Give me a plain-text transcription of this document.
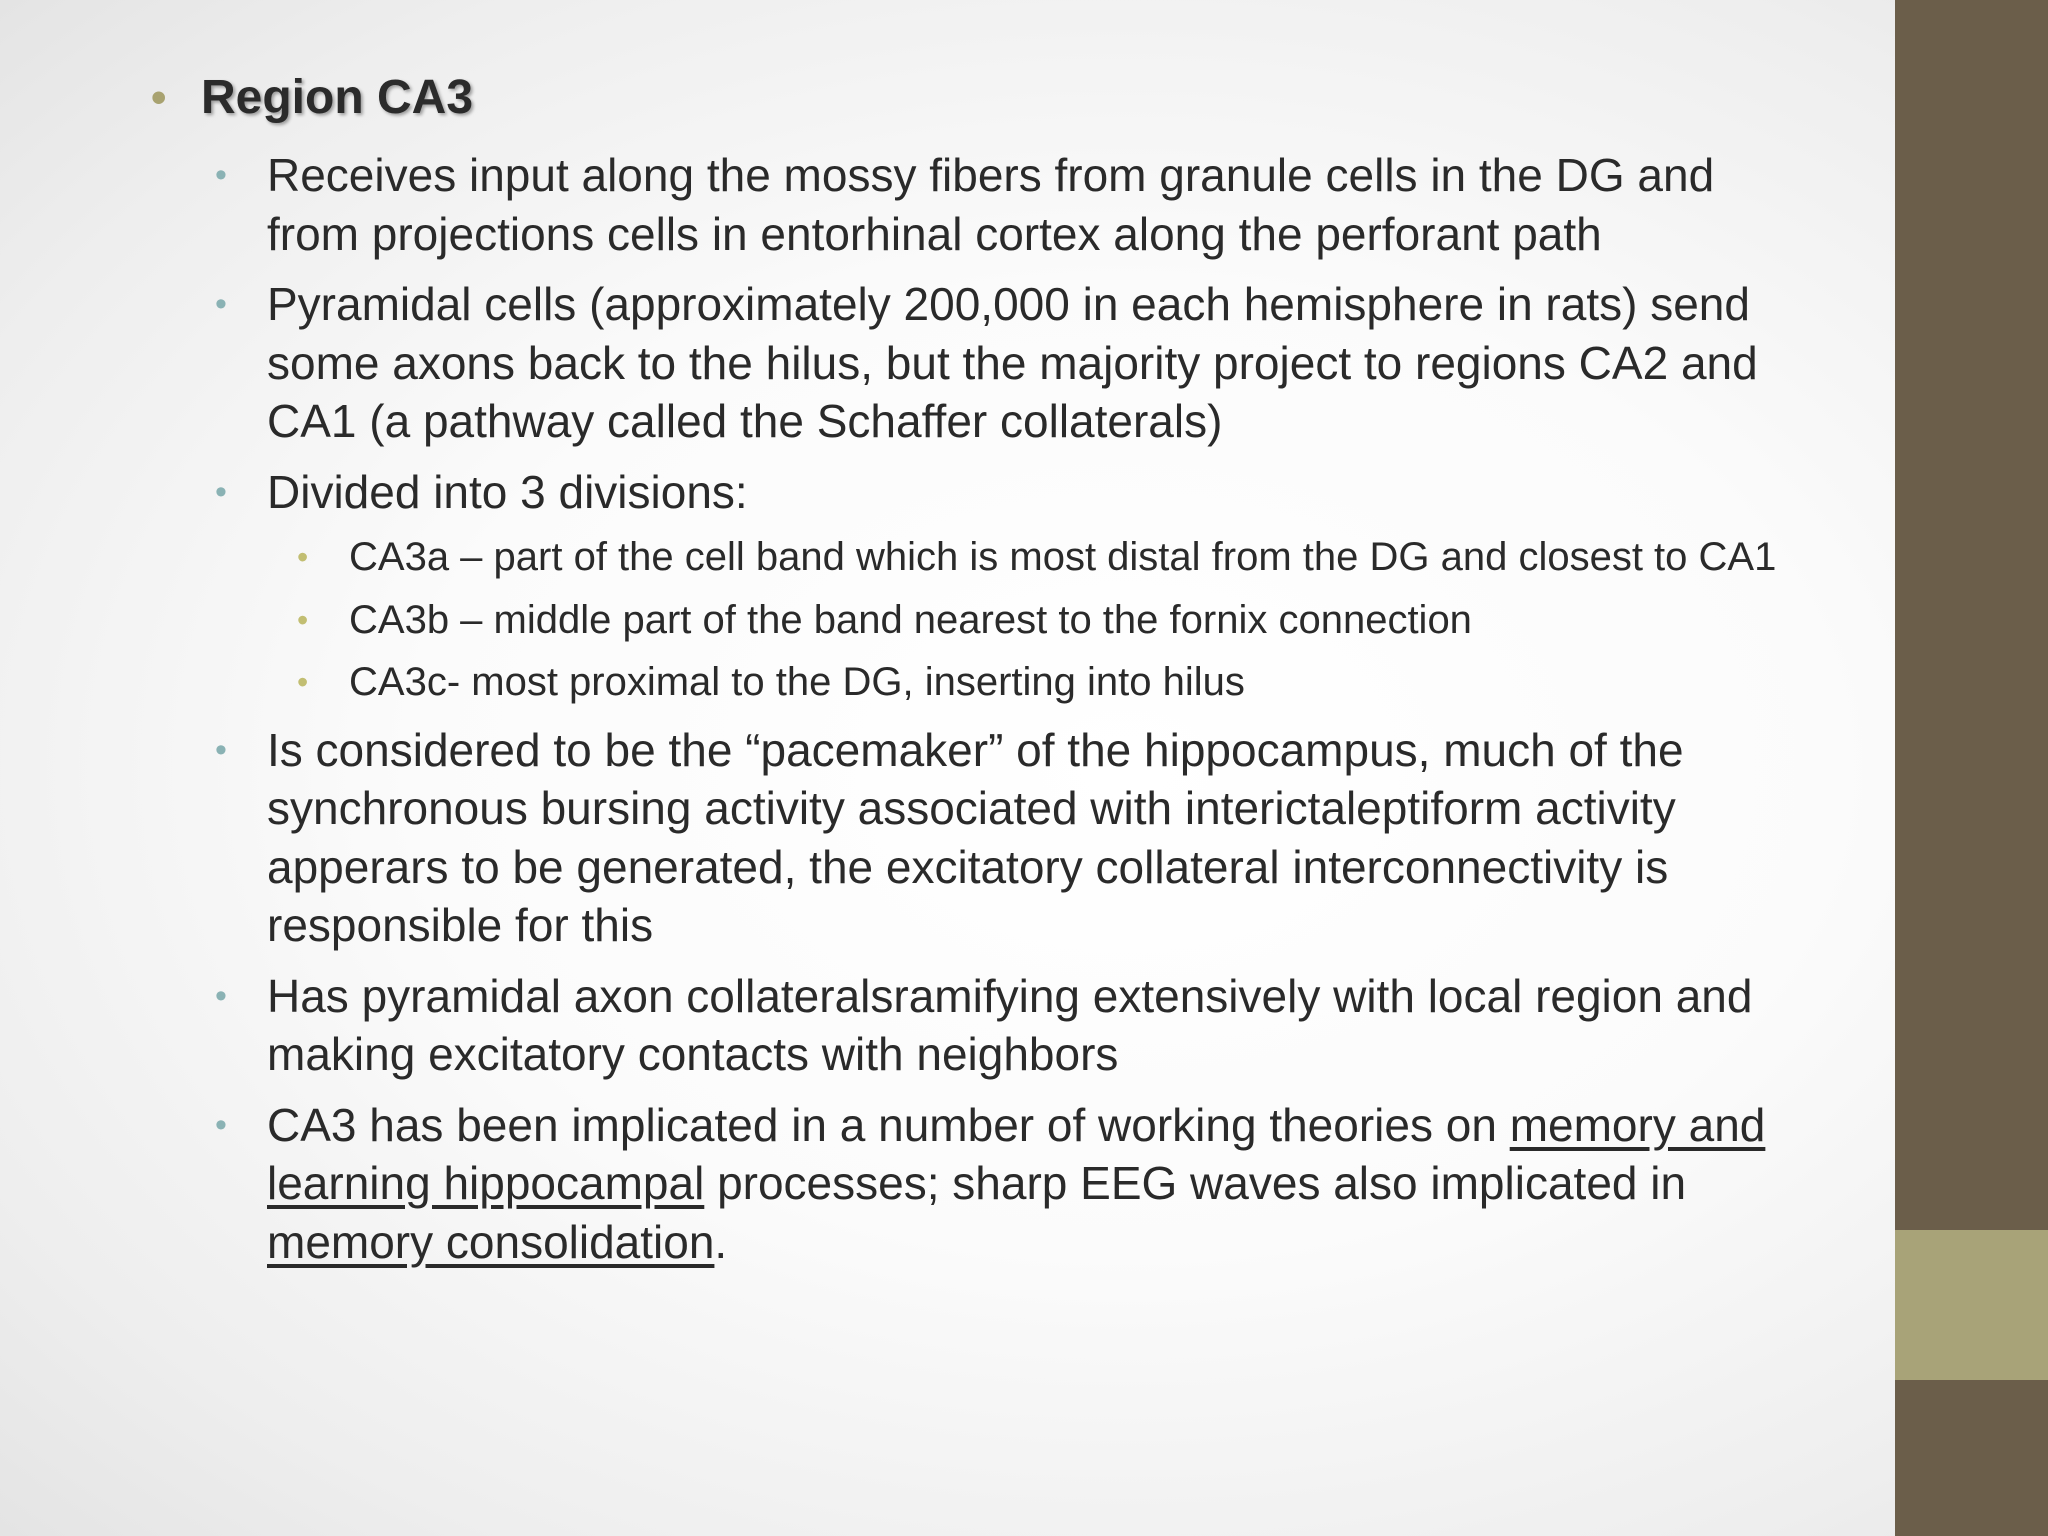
• Region CA3
• Receives input along the mossy fibers from granule cells in the DG and from projections cells in entorhinal cortex along the perforant path
• Pyramidal cells (approximately 200,000 in each hemisphere in rats) send some axons back to the hilus, but the majority project to regions CA2 and CA1 (a pathway called the Schaffer collaterals)
• Divided into 3 divisions:
• CA3a – part of the cell band which is most distal from the DG and closest to CA1
• CA3b – middle part of the band nearest to the fornix connection
• CA3c- most proximal to the DG, inserting into hilus
• Is considered to be the “pacemaker” of the hippocampus, much of the synchronous bursing activity associated with interictaleptiform activity apperars to be generated, the excitatory collateral interconnectivity is responsible for this
• Has pyramidal axon collateralsramifying extensively with local region and making excitatory contacts with neighbors
• CA3 has been implicated in a number of working theories on memory and learning hippocampal processes; sharp EEG waves also implicated in memory consolidation.
